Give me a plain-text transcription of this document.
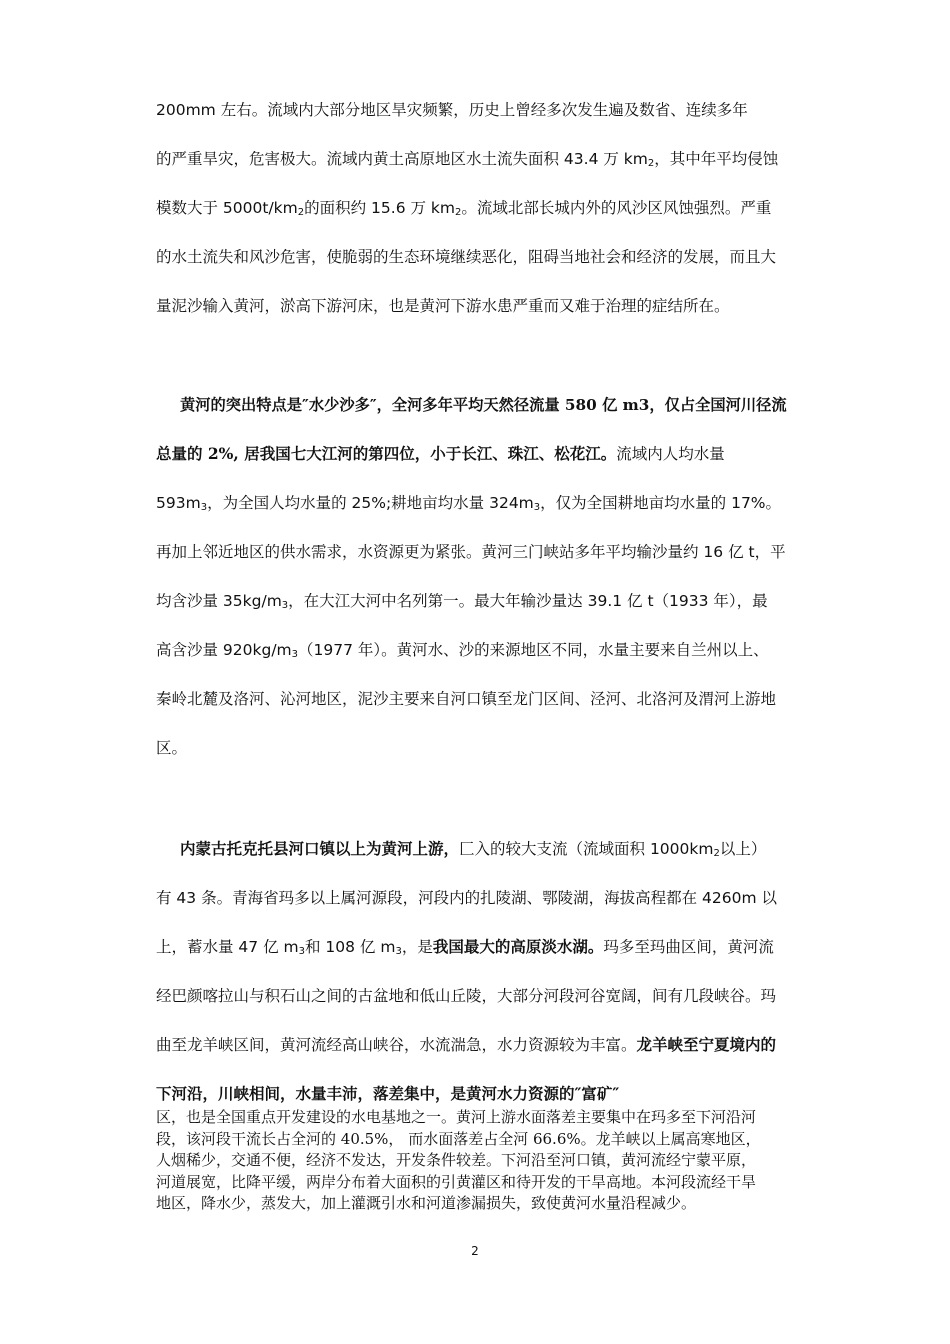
200mm 左右。流域内大部分地区旱灾频繁，历史上曾经多次发生遍及数省、连续多年
的严重旱灾，危害极大。流域内黄土高原地区水土流失面积 43.4 万 $km_2$，其中年平均侵蚀
模数大于 $5000t/km_2$的面积约 15.6 万 $km_2$。流域北部长城内外的风沙区风蚀强烈。严重
的水土流失和风沙危害，使脆弱的生态环境继续恶化，阻碍当地社会和经济的发展，而且大
量泥沙输入黄河，淤高下游河床，也是黄河下游水患严重而又难于治理的症结所在。
黄河的突出特点是″水少沙多″，全河多年平均天然径流量 580 亿 m3，仅占全国河川径流
总量的 2%, 居我国七大江河的第四位，小于长江、珠江、松花江。流域内人均水量
$593m_3$，为全国人均水量的 25%;耕地亩均水量 $324m_3$，仅为全国耕地亩均水量的 17%。
再加上邻近地区的供水需求，水资源更为紧张。黄河三门峡站多年平均输沙量约 16 亿 t，平
均含沙量 $35kg/m_3$，在大江大河中名列第一。最大年输沙量达 39.1 亿 t（1933 年），最
高含沙量 $920kg/m_3(1977$ 年）。黄河水、沙的来源地区不同，水量主要来自兰州以上、
秦岭北麓及洛河、沁河地区，泥沙主要来自河口镇至龙门区间、泾河、北洛河及渭河上游地
区。
内蒙古托克托县河口镇以上为黄河上游，匚入的较大支流（流域面积 $1000km_2$以上）
有 43 条。青海省玛多以上属河源段，河段内的扎陵湖、鄂陵湖，海拔高程都在 4260m 以
上，蓄水量 47 亿 $m_3$和 108 亿 $m_3$，是我国最大的高原淡水湖。玛多至玛曲区间，黄河流
经巴颜喀拉山与积石山之间的古盆地和低山丘陵，大部分河段河谷宽阔，间有几段峡谷。玛
曲至龙羊峡区间，黄河流经高山峡谷，水流湍急，水力资源较为丰富。龙羊峡至宁夏境内的
下河沿，川峡相间，水量丰沛，落差集中，是黄河水力资源的″富矿″
区，也是全国重点开发建设的水电基地之一。黄河上游水面落差主要集中在玛多至下河沿河
段，该河段干流长占全河的 40.5%， 而水面落差占全河 66.6%。龙羊峡以上属高寒地区，
人烟稀少，交通不便，经济不发达，开发条件较差。下河沿至河口镇，黄河流经宁蒙平原，
河道展宽，比降平缓，两岸分布着大面积的引黄灌区和待开发的干旱高地。本河段流经干旱
地区，降水少，蒸发大，加上灌溉引水和河道渗漏损失，致使黄河水量沿程减少。
2
